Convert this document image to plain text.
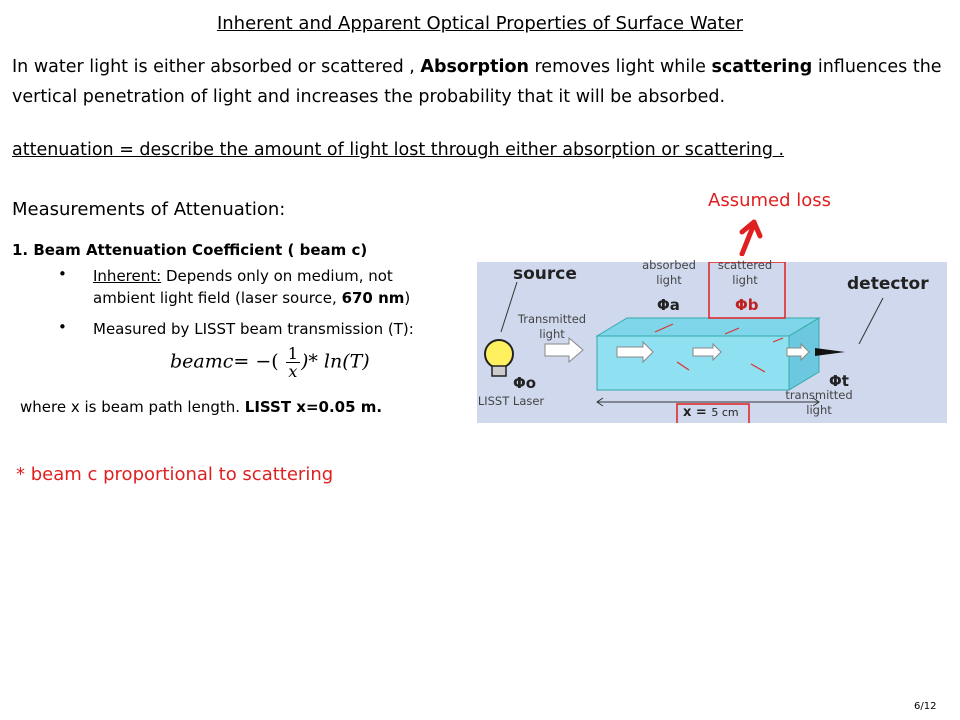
Inherent and Apparent Optical Properties of Surface Water
In water light is either absorbed or scattered , Absorption removes light while scattering influences the vertical penetration of light and increases the probability that it will be absorbed.
attenuation = describe the amount of light lost through either absorption or scattering .
Measurements of Attenuation:	Assumed loss
1. Beam Attenuation Coefficient ( beam c)
• Inherent: Depends only on medium, not
ambient light field (laser source, 670 nm)
• Measured by LISST beam transmission (T):
beamc= −( $\frac{1}{x}$ )* ln(T)
where x is beam path length. LISST x=0.05 m.
* beam c proportional to scattering
source	detector
Transmitted
light
absorbed
light
scattered
light
transmitted
light
LISST Laser
Φa	Φb
Φo	Φt
x = 5 cm
6/12
